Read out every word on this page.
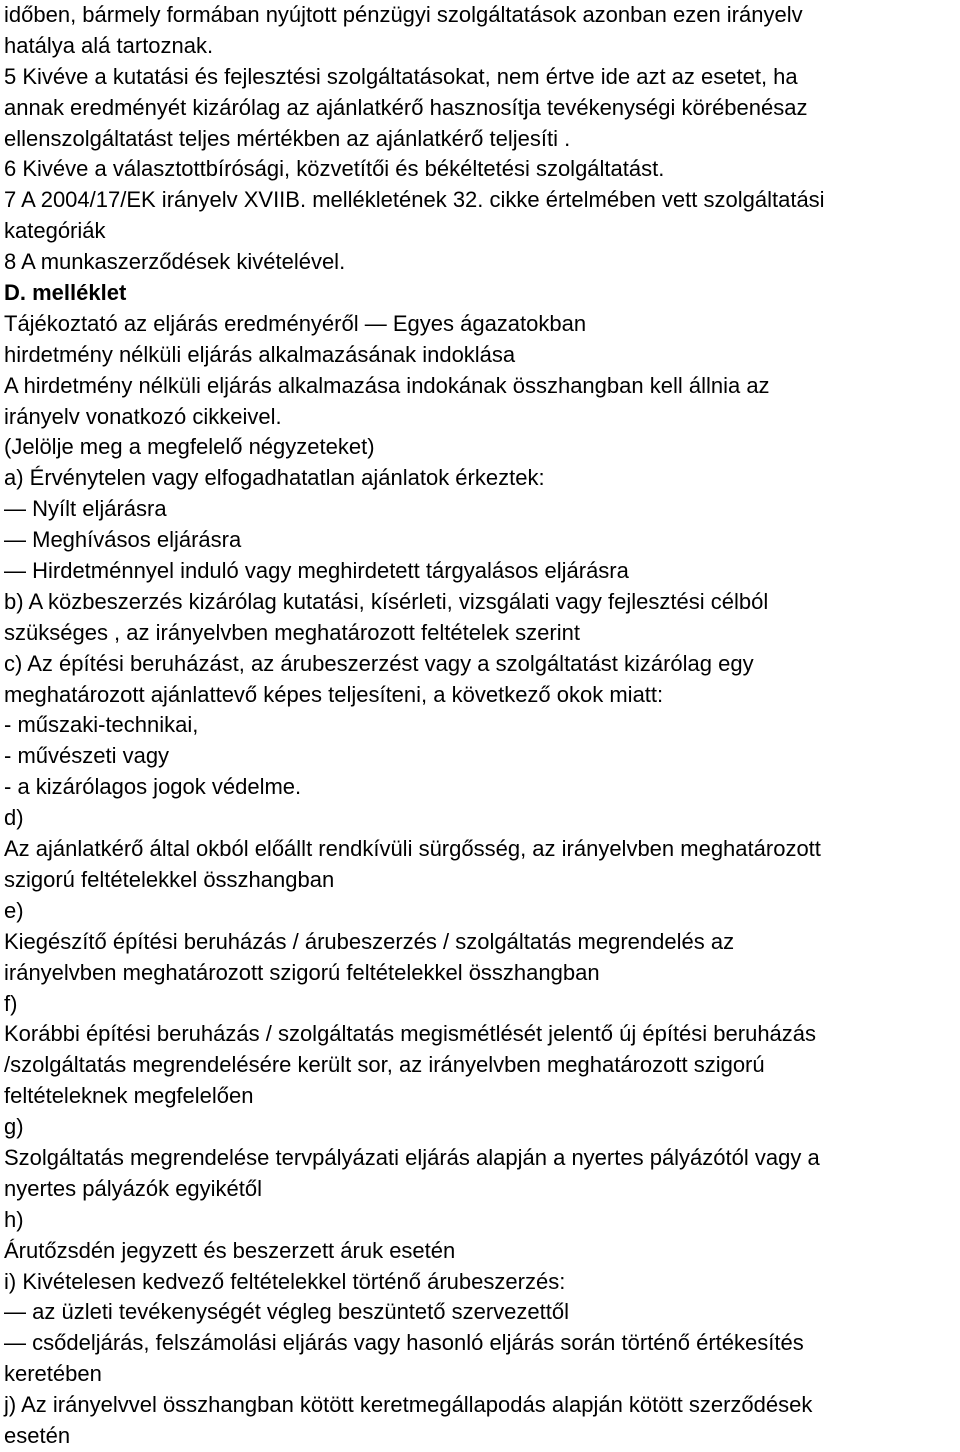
időben, bármely formában nyújtott pénzügyi szolgáltatások azonban ezen irányelv
hatálya alá tartoznak.
5 Kivéve a kutatási és fejlesztési szolgáltatásokat, nem értve ide azt az esetet, ha
annak eredményét kizárólag az ajánlatkérő hasznosítja tevékenységi körébenésaz
ellenszolgáltatást teljes mértékben az ajánlatkérő teljesíti .
6 Kivéve a választottbírósági, közvetítői és békéltetési szolgáltatást.
7 A 2004/17/EK irányelv XVIIB. mellékletének 32. cikke értelmében vett szolgáltatási
kategóriák
8 A munkaszerződések kivételével.
D. melléklet
Tájékoztató az eljárás eredményéről — Egyes ágazatokban
hirdetmény nélküli eljárás alkalmazásának indoklása
A hirdetmény nélküli eljárás alkalmazása indokának összhangban kell állnia az
irányelv vonatkozó cikkeivel.
(Jelölje meg a megfelelő négyzeteket)
a) Érvénytelen vagy elfogadhatatlan ajánlatok érkeztek:
— Nyílt eljárásra
— Meghívásos eljárásra
— Hirdetménnyel induló vagy meghirdetett tárgyalásos eljárásra
b) A közbeszerzés kizárólag kutatási, kísérleti, vizsgálati vagy fejlesztési célból
szükséges , az irányelvben meghatározott feltételek szerint
c) Az építési beruházást, az árubeszerzést vagy a szolgáltatást kizárólag egy
meghatározott ajánlattevő képes teljesíteni, a következő okok miatt:
- műszaki-technikai,
- művészeti vagy
- a kizárólagos jogok védelme.
d)
Az ajánlatkérő által okból előállt rendkívüli sürgősség, az irányelvben meghatározott
szigorú feltételekkel összhangban
e)
Kiegészítő építési beruházás / árubeszerzés / szolgáltatás megrendelés az
irányelvben meghatározott szigorú feltételekkel összhangban
f)
Korábbi építési beruházás / szolgáltatás megismétlését jelentő új építési beruházás
/szolgáltatás megrendelésére került sor, az irányelvben meghatározott szigorú
feltételeknek megfelelően
g)
Szolgáltatás megrendelése tervpályázati eljárás alapján a nyertes pályázótól vagy a
nyertes pályázók egyikétől
h)
Árutőzsdén jegyzett és beszerzett áruk esetén
i) Kivételesen kedvező feltételekkel történő árubeszerzés:
— az üzleti tevékenységét végleg beszüntető szervezettől
— csődeljárás, felszámolási eljárás vagy hasonló eljárás során történő értékesítés
keretében
j) Az irányelvvel összhangban kötött keretmegállapodás alapján kötött szerződések
esetén
